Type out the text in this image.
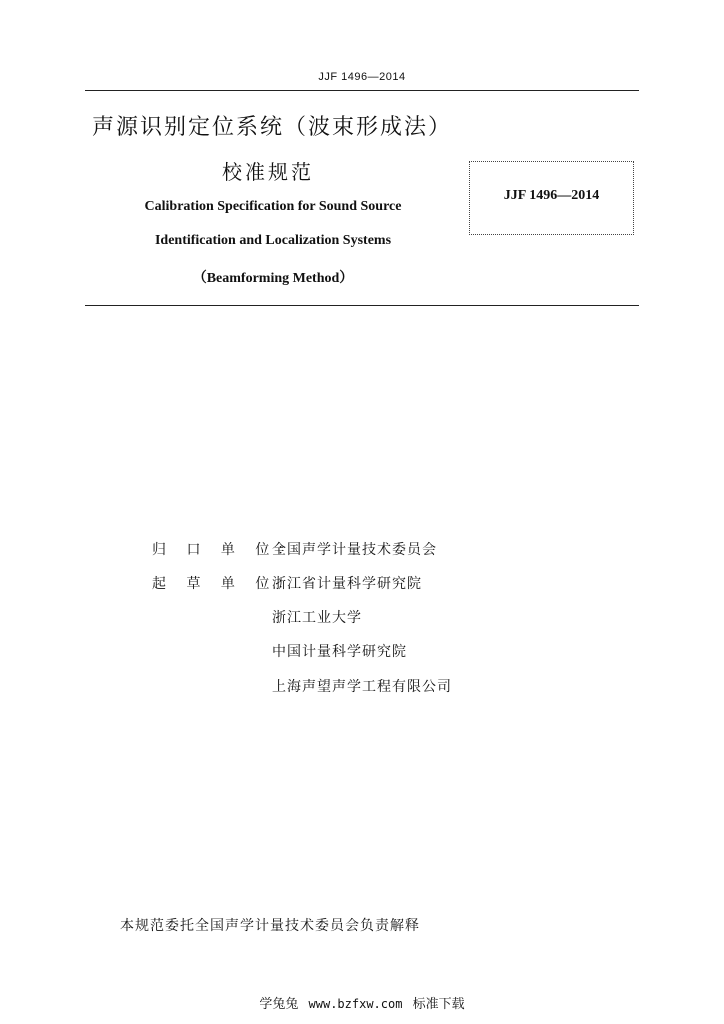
JJF 1496—2014
声源识别定位系统（波束形成法）
校准规范
Calibration Specification for Sound Source
Identification and Localization Systems
（Beamforming Method）
JJF 1496—2014
归 口 单 位：
全国声学计量技术委员会
起 草 单 位：
浙江省计量科学研究院
浙江工业大学
中国计量科学研究院
上海声望声学工程有限公司
本规范委托全国声学计量技术委员会负责解释
学兔兔 www.bzfxw.com 标准下载
